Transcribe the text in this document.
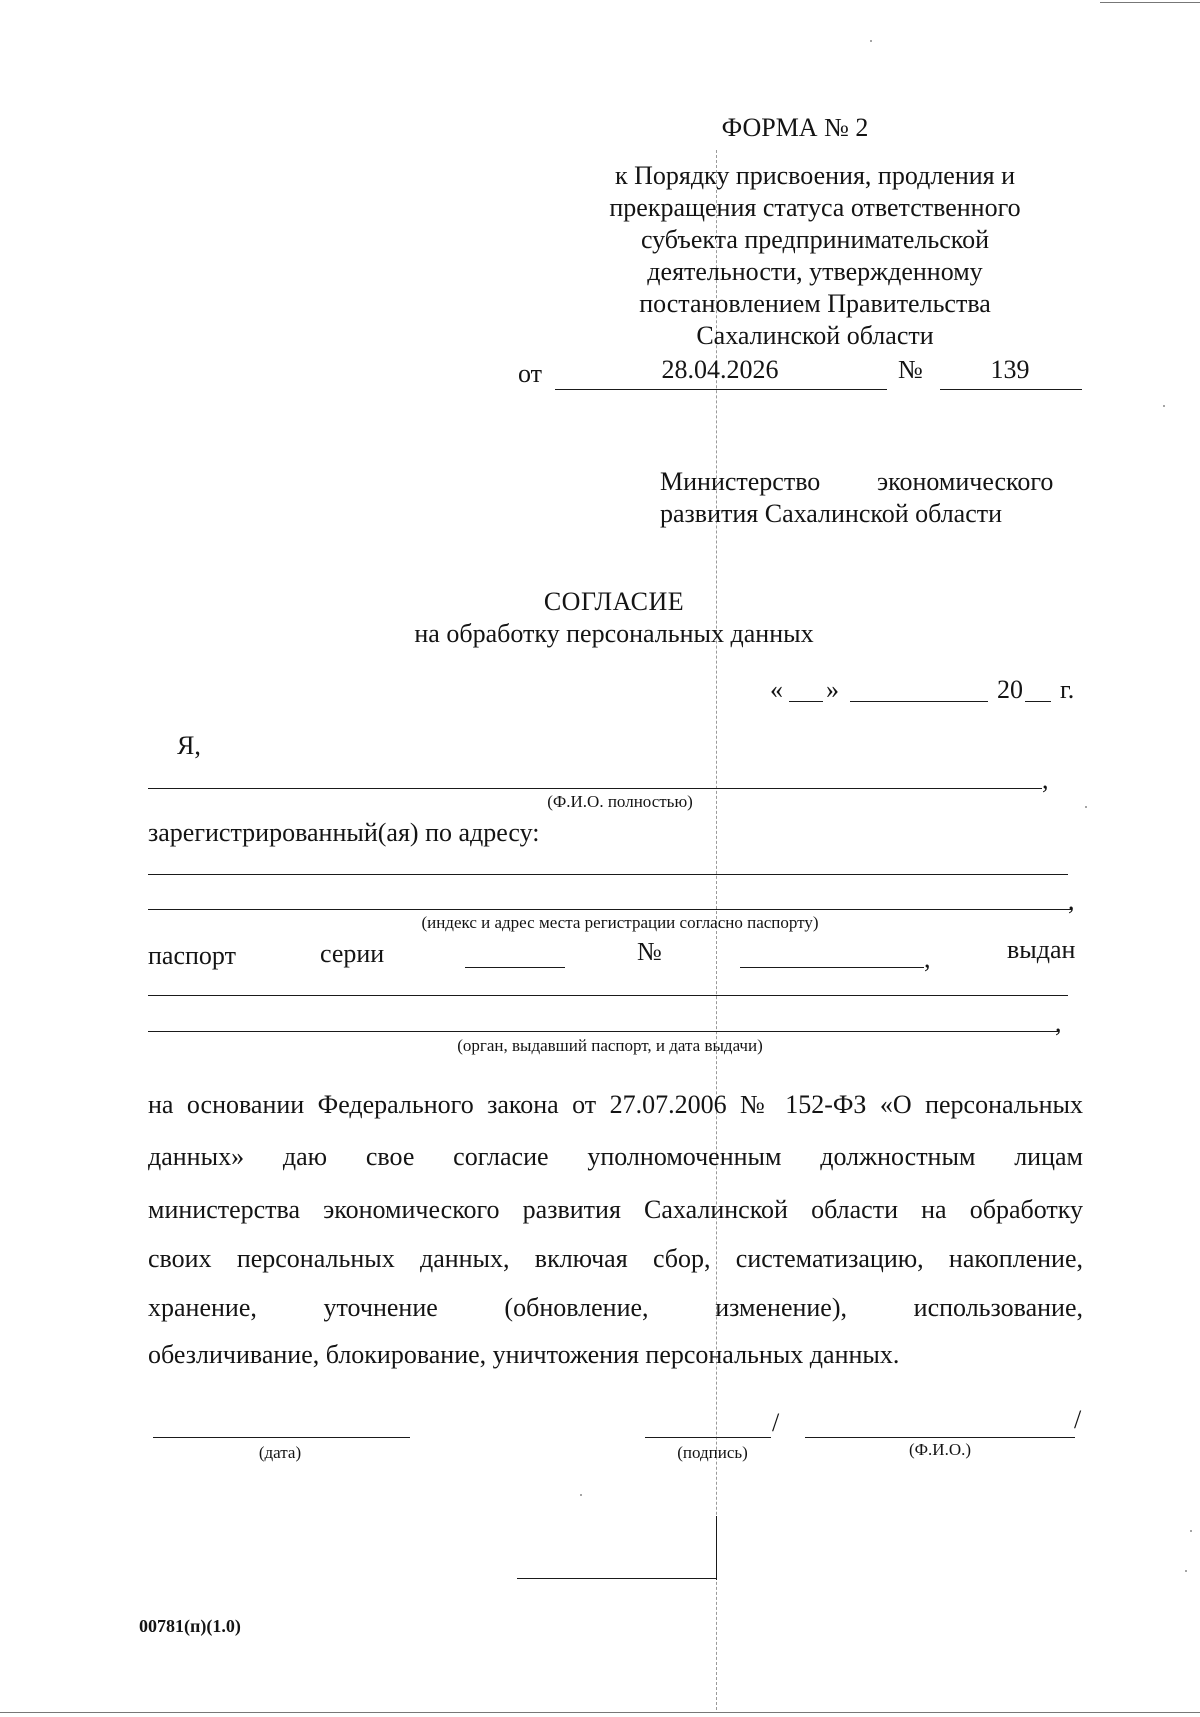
ФОРМА № 2
к Порядку присвоения, продления и
прекращения статуса ответственного
субъекта предпринимательской
деятельности, утвержденному
постановлением Правительства
Сахалинской области
от	28.04.2026	№	139
Министерство экономического
развития Сахалинской области
СОГЛАСИЕ
на обработку персональных данных
« »	20 г.
Я,
,
(Ф.И.О. полностью)
зарегистрированный(ая) по адресу:
,
(индекс и адрес места регистрации согласно паспорту)
паспорт	серии	№	,	выдан
,
(орган, выдавший паспорт, и дата выдачи)
на основании Федерального закона от 27.07.2006 № 152-ФЗ «О персональных
данных» даю свое согласие уполномоченным должностным лицам
министерства экономического развития Сахалинской области на обработку
своих персональных данных, включая сбор, систематизацию, накопление,
хранение, уточнение (обновление, изменение), использование,
обезличивание, блокирование, уничтожения персональных данных.
(дата)
/
(подпись)
/
(Ф.И.О.)
00781(п)(1.0)
